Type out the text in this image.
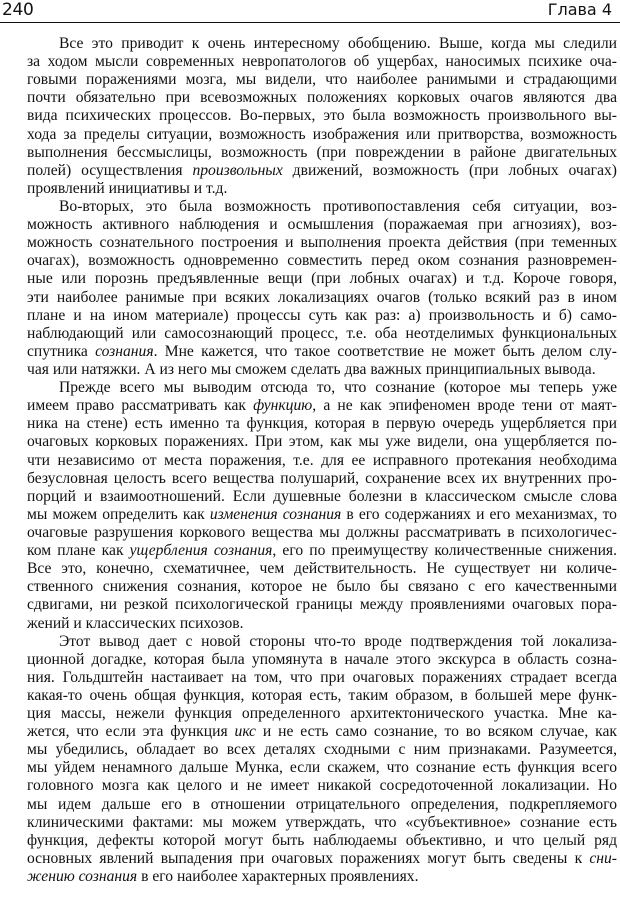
240	Глава 4
Все это приводит к очень интересному обобщению. Выше, когда мы следили
за ходом мысли современных невропатологов об ущербах, наносимых психике оча-
говыми поражениями мозга, мы видели, что наиболее ранимыми и страдающими
почти обязательно при всевозможных положениях корковых очагов являются два
вида психических процессов. Во-первых, это была возможность произвольного вы-
хода за пределы ситуации, возможность изображения или притворства, возможность
выполнения бессмыслицы, возможность (при повреждении в районе двигательных
полей) осуществления произвольных движений, возможность (при лобных очагах)
проявлений инициативы и т.д.
Во-вторых, это была возможность противопоставления себя ситуации, воз-
можность активного наблюдения и осмышления (поражаемая при агнозиях), воз-
можность сознательного построения и выполнения проекта действия (при теменных
очагах), возможность одновременно совместить перед оком сознания разновремен-
ные или порознь предъявленные вещи (при лобных очагах) и т.д. Короче говоря,
эти наиболее ранимые при всяких локализациях очагов (только всякий раз в ином
плане и на ином материале) процессы суть как раз: а) произвольность и б) само-
наблюдающий или самосознающий процесс, т.е. оба неотделимых функциональных
спутника сознания. Мне кажется, что такое соответствие не может быть делом слу-
чая или натяжки. А из него мы сможем сделать два важных принципиальных вывода.
Прежде всего мы выводим отсюда то, что сознание (которое мы теперь уже
имеем право рассматривать как функцию, а не как эпифеномен вроде тени от маят-
ника на стене) есть именно та функция, которая в первую очередь ущербляется при
очаговых корковых поражениях. При этом, как мы уже видели, она ущербляется по-
чти независимо от места поражения, т.е. для ее исправного протекания необходима
безусловная целость всего вещества полушарий, сохранение всех их внутренних про-
порций и взаимоотношений. Если душевные болезни в классическом смысле слова
мы можем определить как изменения сознания в его содержаниях и его механизмах, то
очаговые разрушения коркового вещества мы должны рассматривать в психологичес-
ком плане как ущербления сознания, его по преимуществу количественные снижения.
Все это, конечно, схематичнее, чем действительность. Не существует ни количе-
ственного снижения сознания, которое не было бы связано с его качественными
сдвигами, ни резкой психологической границы между проявлениями очаговых пора-
жений и классических психозов.
Этот вывод дает с новой стороны что-то вроде подтверждения той локализа-
ционной догадке, которая была упомянута в начале этого экскурса в область созна-
ния. Гольдштейн настаивает на том, что при очаговых поражениях страдает всегда
какая-то очень общая функция, которая есть, таким образом, в большей мере функ-
ция массы, нежели функция определенного архитектонического участка. Мне ка-
жется, что если эта функция икс и не есть само сознание, то во всяком случае, как
мы убедились, обладает во всех деталях сходными с ним признаками. Разумеется,
мы уйдем ненамного дальше Мунка, если скажем, что сознание есть функция всего
головного мозга как целого и не имеет никакой сосредоточенной локализации. Но
мы идем дальше его в отношении отрицательного определения, подкрепляемого
клиническими фактами: мы можем утверждать, что «субъективное» сознание есть
функция, дефекты которой могут быть наблюдаемы объективно, и что целый ряд
основных явлений выпадения при очаговых поражениях могут быть сведены к сни-
жению сознания в его наиболее характерных проявлениях.
